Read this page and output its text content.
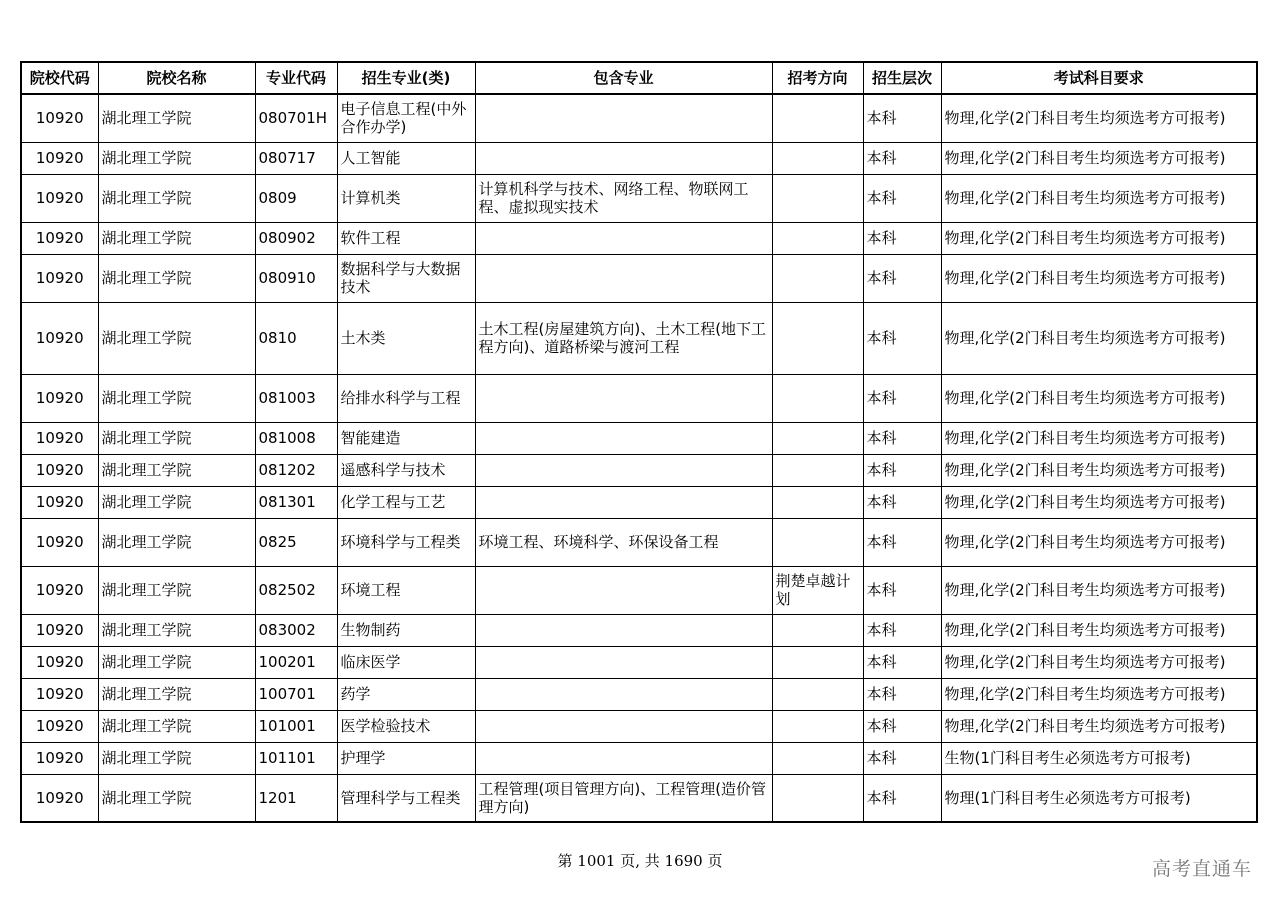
院校代码	院校名称	专业代码	招生专业(类)	包含专业	招考方向	招生层次	考试科目要求
10920	湖北理工学院	080701H	电子信息工程(中外合作办学)			本科	物理,化学(2门科目考生均须选考方可报考)
10920	湖北理工学院	080717	人工智能			本科	物理,化学(2门科目考生均须选考方可报考)
10920	湖北理工学院	0809	计算机类	计算机科学与技术、网络工程、物联网工程、虚拟现实技术		本科	物理,化学(2门科目考生均须选考方可报考)
10920	湖北理工学院	080902	软件工程			本科	物理,化学(2门科目考生均须选考方可报考)
10920	湖北理工学院	080910	数据科学与大数据技术			本科	物理,化学(2门科目考生均须选考方可报考)
10920	湖北理工学院	0810	土木类	土木工程(房屋建筑方向)、土木工程(地下工程方向)、道路桥梁与渡河工程		本科	物理,化学(2门科目考生均须选考方可报考)
10920	湖北理工学院	081003	给排水科学与工程			本科	物理,化学(2门科目考生均须选考方可报考)
10920	湖北理工学院	081008	智能建造			本科	物理,化学(2门科目考生均须选考方可报考)
10920	湖北理工学院	081202	遥感科学与技术			本科	物理,化学(2门科目考生均须选考方可报考)
10920	湖北理工学院	081301	化学工程与工艺			本科	物理,化学(2门科目考生均须选考方可报考)
10920	湖北理工学院	0825	环境科学与工程类	环境工程、环境科学、环保设备工程		本科	物理,化学(2门科目考生均须选考方可报考)
10920	湖北理工学院	082502	环境工程		荆楚卓越计划	本科	物理,化学(2门科目考生均须选考方可报考)
10920	湖北理工学院	083002	生物制药			本科	物理,化学(2门科目考生均须选考方可报考)
10920	湖北理工学院	100201	临床医学			本科	物理,化学(2门科目考生均须选考方可报考)
10920	湖北理工学院	100701	药学			本科	物理,化学(2门科目考生均须选考方可报考)
10920	湖北理工学院	101001	医学检验技术			本科	物理,化学(2门科目考生均须选考方可报考)
10920	湖北理工学院	101101	护理学			本科	生物(1门科目考生必须选考方可报考)
10920	湖北理工学院	1201	管理科学与工程类	工程管理(项目管理方向)、工程管理(造价管理方向)		本科	物理(1门科目考生必须选考方可报考)
第 1001 页, 共 1690 页	高考直通车
